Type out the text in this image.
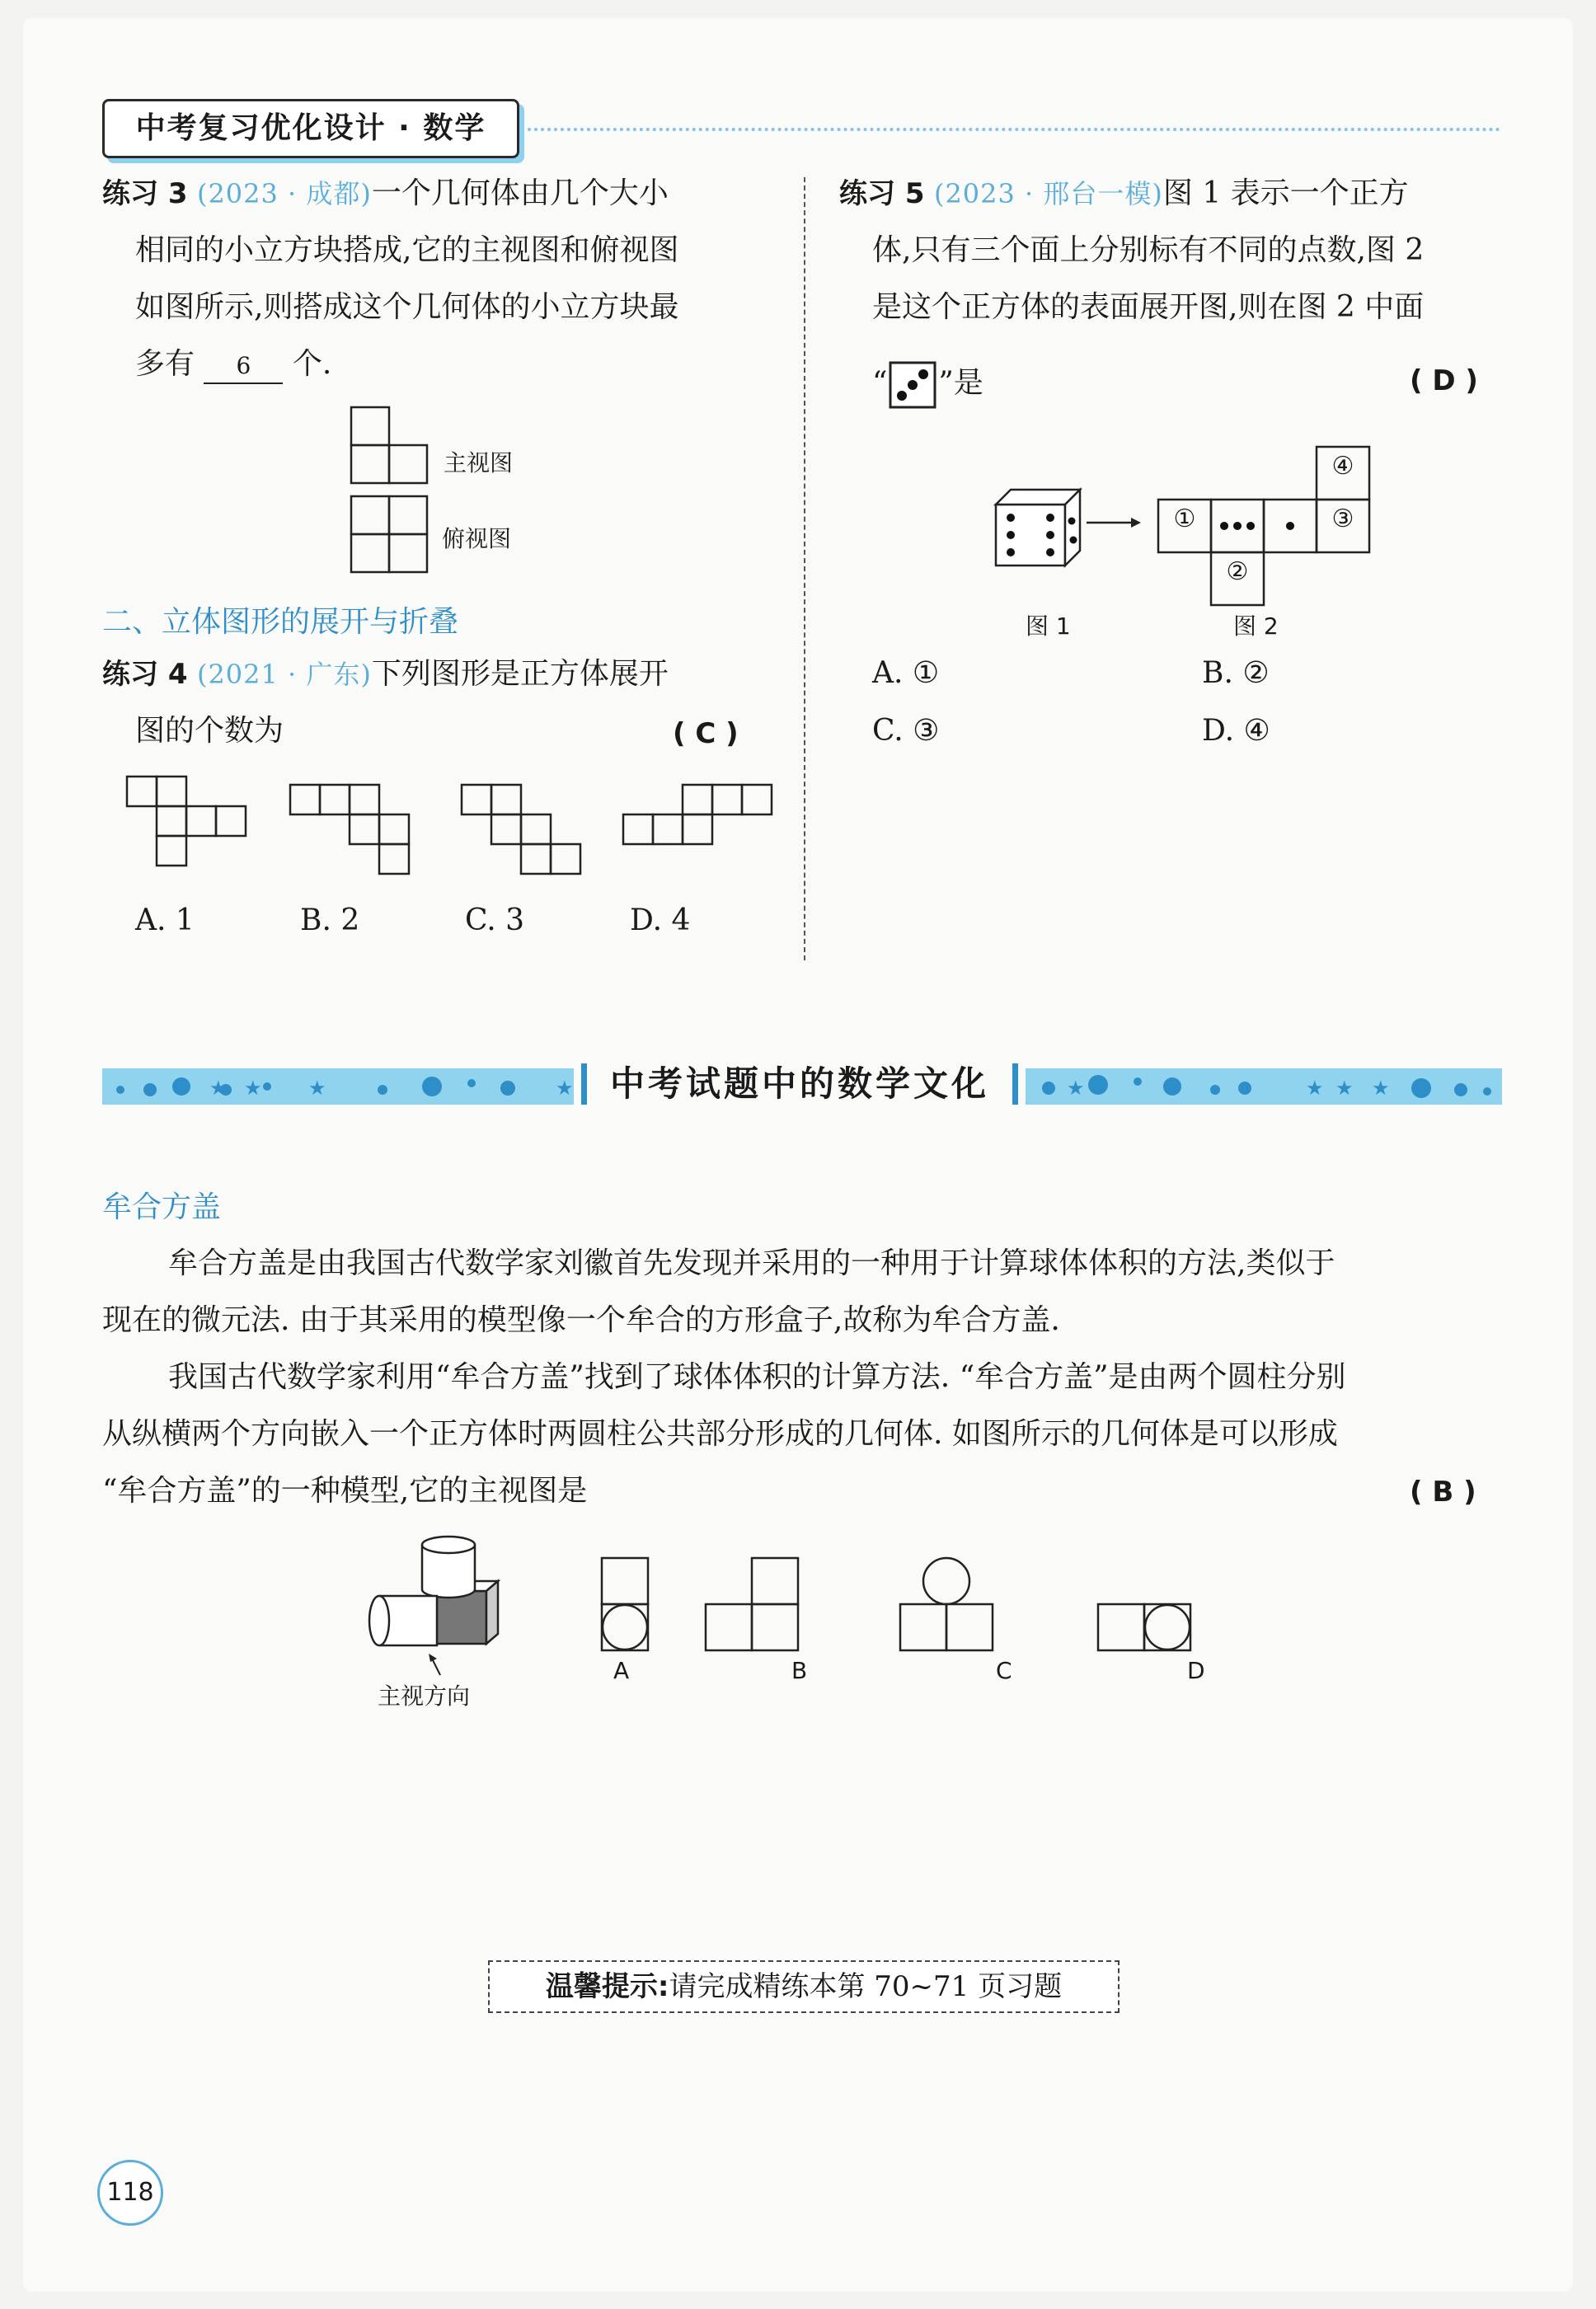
中考复习优化设计 · 数学
练习 3 (2023 · 成都)一个几何体由几个大小
相同的小立方块搭成,它的主视图和俯视图
如图所示,则搭成这个几何体的小立方块最
多有 6 个.
主视图
俯视图
二、立体图形的展开与折叠
练习 4 (2021 · 广东)下列图形是正方体展开
图的个数为	( C )
A. 1	B. 2	C. 3	D. 4
练习 5 (2023 · 邢台一模)图 1 表示一个正方
体,只有三个面上分别标有不同的点数,图 2
是这个正方体的表面展开图,则在图 2 中面
“ ”是	( D )
①
②
③
④
图 1	图 2
A. ①	B. ②
C. ③	D. ④
★ ★ ★	★	★	★ ★ ★
中考试题中的数学文化
牟合方盖
牟合方盖是由我国古代数学家刘徽首先发现并采用的一种用于计算球体体积的方法,类似于
现在的微元法. 由于其采用的模型像一个牟合的方形盒子,故称为牟合方盖.
我国古代数学家利用“牟合方盖”找到了球体体积的计算方法. “牟合方盖”是由两个圆柱分别
从纵横两个方向嵌入一个正方体时两圆柱公共部分形成的几何体. 如图所示的几何体是可以形成
“牟合方盖”的一种模型,它的主视图是	( B )
主视方向
A	B	C	D
温馨提示:请完成精练本第 70~71 页习题
118
